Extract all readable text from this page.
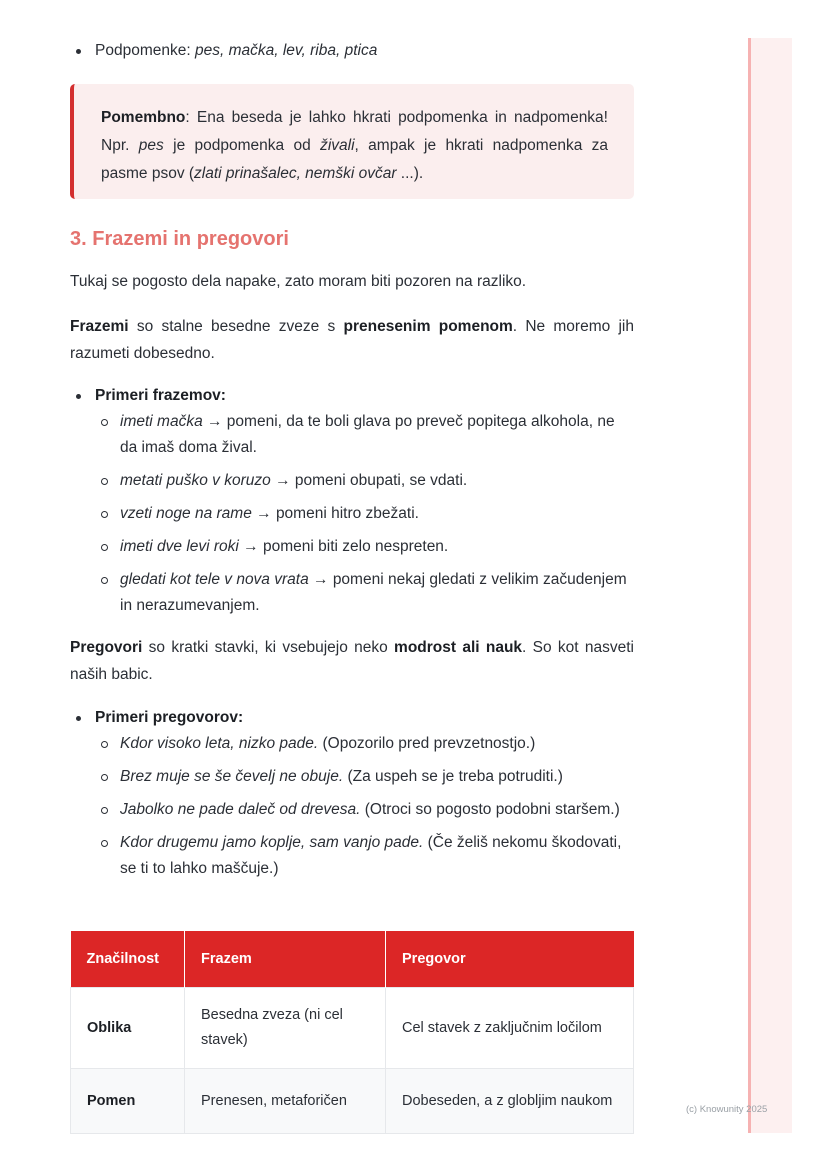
Podpomenke: pes, mačka, lev, riba, ptica
Pomembno: Ena beseda je lahko hkrati podpomenka in nadpomenka! Npr. pes je podpomenka od živali, ampak je hkrati nadpomenka za pasme psov (zlati prinašalec, nemški ovčar ...).
3. Frazemi in pregovori
Tukaj se pogosto dela napake, zato moram biti pozoren na razliko.
Frazemi so stalne besedne zveze s prenesenim pomenom. Ne moremo jih razumeti dobesedno.
Primeri frazemov:
imeti mačka → pomeni, da te boli glava po preveč popitega alkohola, ne da imaš doma žival.
metati puško v koruzo → pomeni obupati, se vdati.
vzeti noge na rame → pomeni hitro zbežati.
imeti dve levi roki → pomeni biti zelo nespreten.
gledati kot tele v nova vrata → pomeni nekaj gledati z velikim začudenjem in nerazumevanjem.
Pregovori so kratki stavki, ki vsebujejo neko modrost ali nauk. So kot nasveti naših babic.
Primeri pregovorov:
Kdor visoko leta, nizko pade. (Opozorilo pred prevzetnostjo.)
Brez muje se še čevelj ne obuje. (Za uspeh se je treba potruditi.)
Jabolko ne pade daleč od drevesa. (Otroci so pogosto podobni staršem.)
Kdor drugemu jamo koplje, sam vanjo pade. (Če želiš nekomu škodovati, se ti to lahko maščuje.)
Značilnost	Frazem	Pregovor
Oblika	Besedna zveza (ni cel stavek)	Cel stavek z zaključnim ločilom
Pomen	Prenesen, metaforičen	Dobeseden, a z globljim naukom
(c) Knowunity 2025
